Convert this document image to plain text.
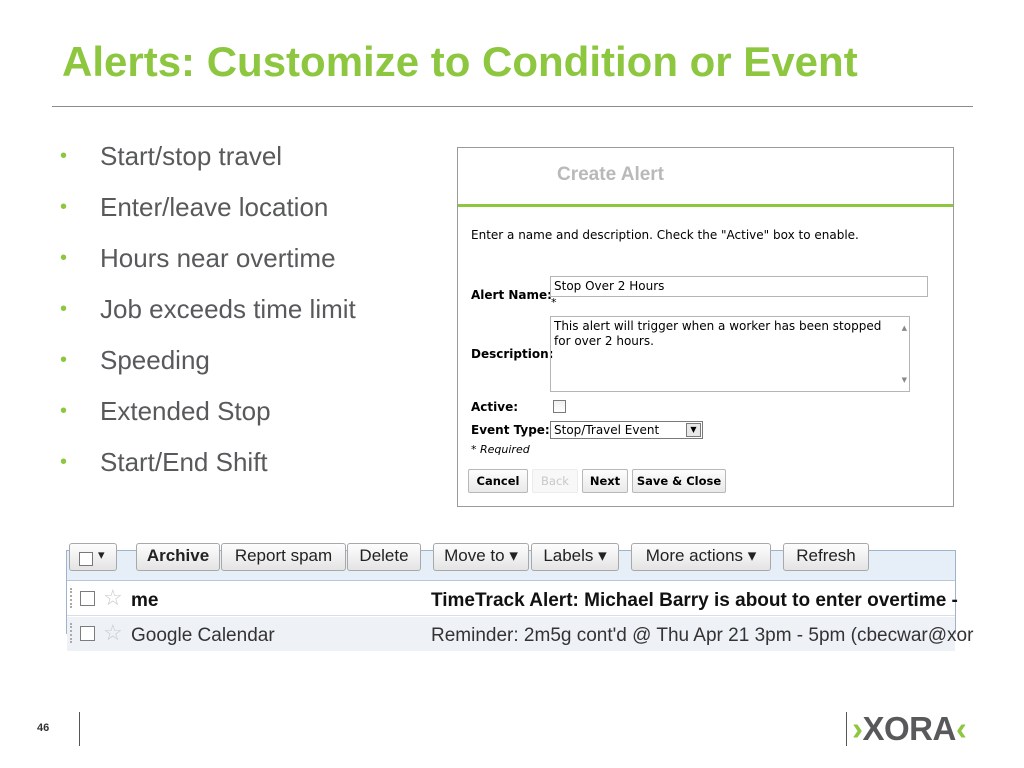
Alerts: Customize to Condition or Event
• Start/stop travel
• Enter/leave location
• Hours near overtime
• Job exceeds time limit
• Speeding
• Extended Stop
• Start/End Shift
Create Alert
Enter a name and description. Check the "Active" box to enable.
Alert Name:
Stop Over 2 Hours
*
Description:
This alert will trigger when a worker has been stopped for over 2 hours.
▲
▼
Active:
Event Type: Stop/Travel Event	▼
* Required
Cancel	Back	Next	Save & Close
▾	Archive	Report spam	Delete	Move to ▾	Labels ▾	More actions ▾	Refresh
☆ me	TimeTrack Alert: Michael Barry is about to enter overtime -
☆ Google Calendar	Reminder: 2m5g cont'd @ Thu Apr 21 3pm - 5pm (cbecwar@xor
46	›XORA‹
